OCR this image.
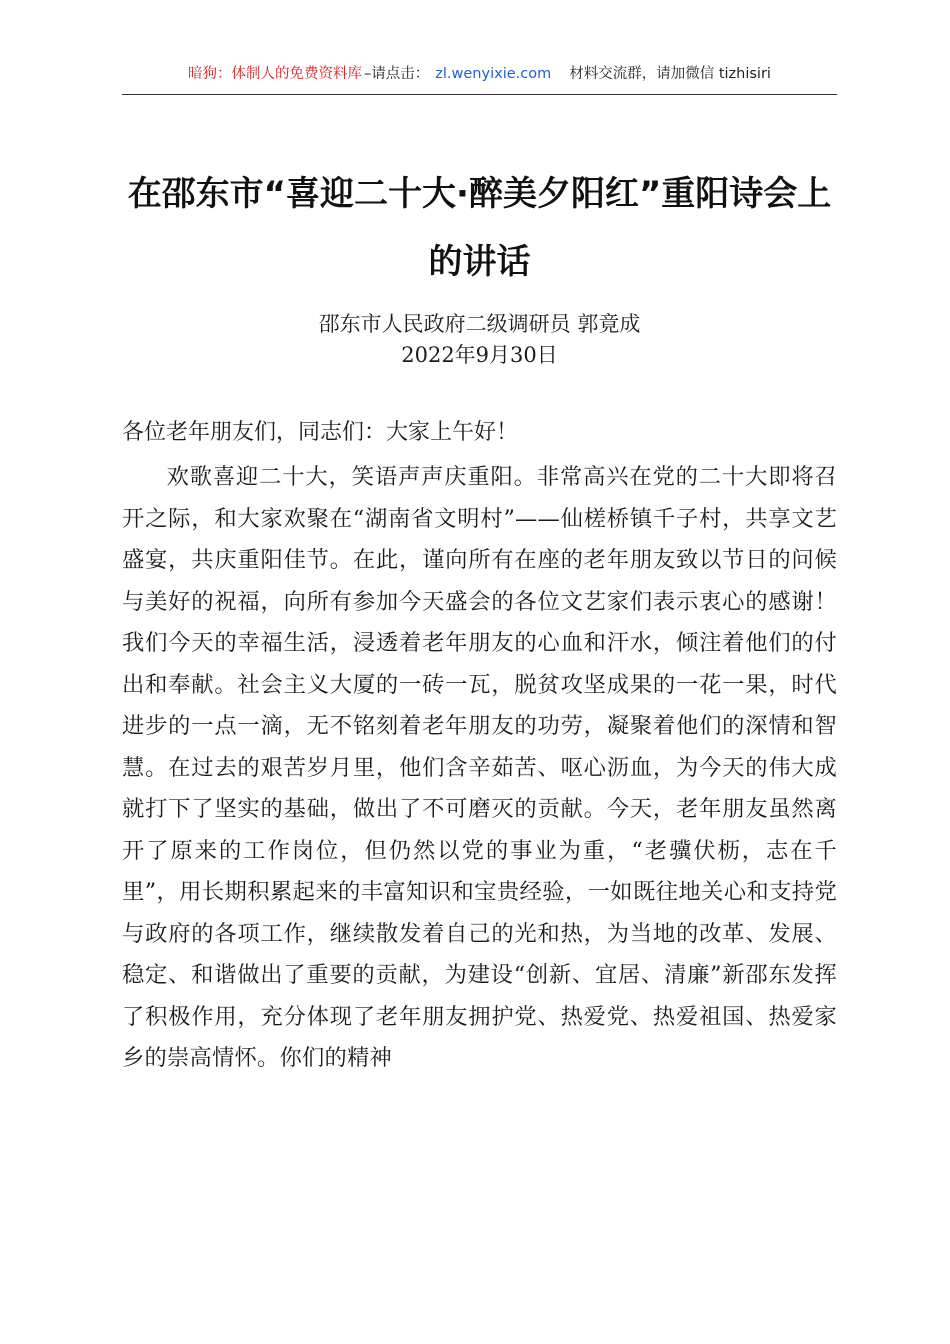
暗狗：体制人的免费资料库 –请点击： zl.wenyixie.com 材料交流群，请加微信 tizhisiri
在邵东市“喜迎二十大·醉美夕阳红”重阳诗会上的讲话
邵东市人民政府二级调研员 郭竟成
2022年9月30日
各位老年朋友们，同志们：大家上午好！

欢歌喜迎二十大，笑语声声庆重阳。非常高兴在党的二十大即将召开之际，和大家欢聚在“湖南省文明村”——仙槎桥镇千子村，共享文艺盛宴，共庆重阳佳节。在此，谨向所有在座的老年朋友致以节日的问候与美好的祝福，向所有参加今天盛会的各位文艺家们表示衷心的感谢！我们今天的幸福生活，浸透着老年朋友的心血和汗水，倾注着他们的付出和奉献。社会主义大厦的一砖一瓦，脱贫攻坚成果的一花一果，时代进步的一点一滴，无不铭刻着老年朋友的功劳，凝聚着他们的深情和智慧。在过去的艰苦岁月里，他们含辛茹苦、呕心沥血，为今天的伟大成就打下了坚实的基础，做出了不可磨灭的贡献。今天，老年朋友虽然离开了原来的工作岗位，但仍然以党的事业为重，“老骥伏枥，志在千里”，用长期积累起来的丰富知识和宝贵经验，一如既往地关心和支持党与政府的各项工作，继续散发着自己的光和热，为当地的改革、发展、稳定、和谐做出了重要的贡献，为建设“创新、宜居、清廉”新邵东发挥了积极作用，充分体现了老年朋友拥护党、热爱党、热爱祖国、热爱家乡的崇高情怀。你们的精神
